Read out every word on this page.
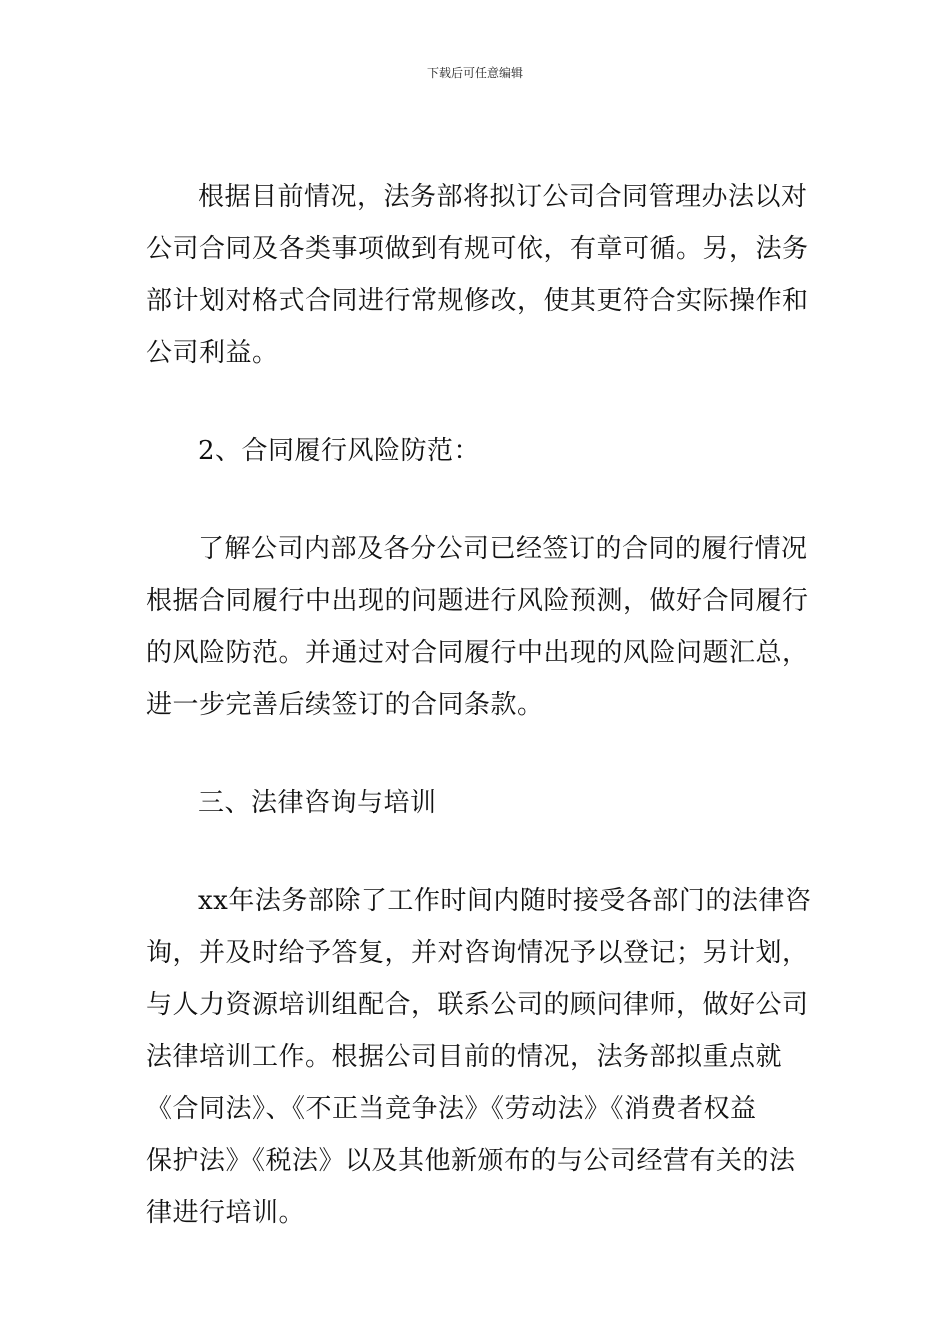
下载后可任意编辑
根据目前情况，法务部将拟订公司合同管理办法以对
公司合同及各类事项做到有规可依，有章可循。另，法务
部计划对格式合同进行常规修改，使其更符合实际操作和
公司利益。
2、合同履行风险防范：
了解公司内部及各分公司已经签订的合同的履行情况
根据合同履行中出现的问题进行风险预测，做好合同履行
的风险防范。并通过对合同履行中出现的风险问题汇总，
进一步完善后续签订的合同条款。
三、法律咨询与培训
xx年法务部除了工作时间内随时接受各部门的法律咨
询，并及时给予答复，并对咨询情况予以登记；另计划，
与人力资源培训组配合，联系公司的顾问律师，做好公司
法律培训工作。根据公司目前的情况，法务部拟重点就
《合同法》、《不正当竞争法》《劳动法》《消费者权益
保护法》《税法》以及其他新颁布的与公司经营有关的法
律进行培训。
